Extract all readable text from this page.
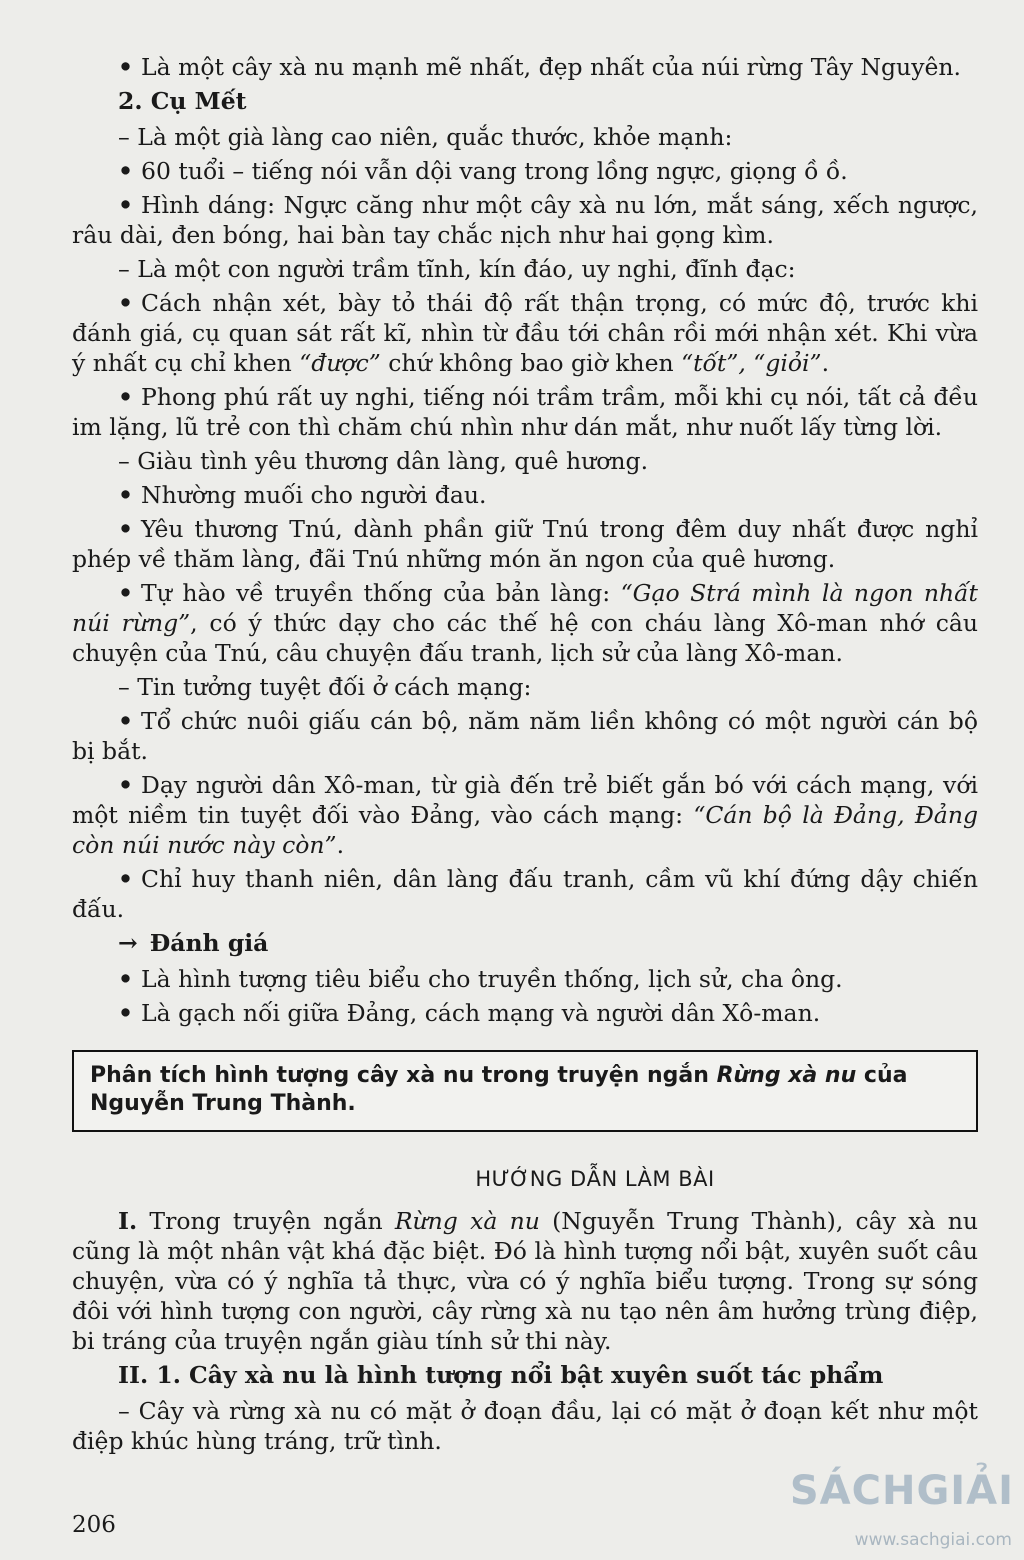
• Là một cây xà nu mạnh mẽ nhất, đẹp nhất của núi rừng Tây Nguyên.

2. Cụ Mết

– Là một già làng cao niên, quắc thước, khỏe mạnh:

• 60 tuổi – tiếng nói vẫn dội vang trong lồng ngực, giọng ồ ồ.

• Hình dáng: Ngực căng như một cây xà nu lớn, mắt sáng, xếch ngược, râu dài, đen bóng, hai bàn tay chắc nịch như hai gọng kìm.

– Là một con người trầm tĩnh, kín đáo, uy nghi, đĩnh đạc:

• Cách nhận xét, bày tỏ thái độ rất thận trọng, có mức độ, trước khi đánh giá, cụ quan sát rất kĩ, nhìn từ đầu tới chân rồi mới nhận xét. Khi vừa ý nhất cụ chỉ khen “được” chứ không bao giờ khen “tốt”, “giỏi”.

• Phong phú rất uy nghi, tiếng nói trầm trầm, mỗi khi cụ nói, tất cả đều im lặng, lũ trẻ con thì chăm chú nhìn như dán mắt, như nuốt lấy từng lời.

– Giàu tình yêu thương dân làng, quê hương.

• Nhường muối cho người đau.

• Yêu thương Tnú, dành phần giữ Tnú trong đêm duy nhất được nghỉ phép về thăm làng, đãi Tnú những món ăn ngon của quê hương.

• Tự hào về truyền thống của bản làng: “Gạo Strá mình là ngon nhất núi rừng”, có ý thức dạy cho các thế hệ con cháu làng Xô-man nhớ câu chuyện của Tnú, câu chuyện đấu tranh, lịch sử của làng Xô-man.

– Tin tưởng tuyệt đối ở cách mạng:

• Tổ chức nuôi giấu cán bộ, năm năm liền không có một người cán bộ bị bắt.

• Dạy người dân Xô-man, từ già đến trẻ biết gắn bó với cách mạng, với một niềm tin tuyệt đối vào Đảng, vào cách mạng: “Cán bộ là Đảng, Đảng còn núi nước này còn”.

• Chỉ huy thanh niên, dân làng đấu tranh, cầm vũ khí đứng dậy chiến đấu.

→ Đánh giá

• Là hình tượng tiêu biểu cho truyền thống, lịch sử, cha ông.

• Là gạch nối giữa Đảng, cách mạng và người dân Xô-man.

Phân tích hình tượng cây xà nu trong truyện ngắn Rừng xà nu của Nguyễn Trung Thành.

HƯỚNG DẪN LÀM BÀI

I. Trong truyện ngắn Rừng xà nu (Nguyễn Trung Thành), cây xà nu cũng là một nhân vật khá đặc biệt. Đó là hình tượng nổi bật, xuyên suốt câu chuyện, vừa có ý nghĩa tả thực, vừa có ý nghĩa biểu tượng. Trong sự sóng đôi với hình tượng con người, cây rừng xà nu tạo nên âm hưởng trùng điệp, bi tráng của truyện ngắn giàu tính sử thi này.

II. 1. Cây xà nu là hình tượng nổi bật xuyên suốt tác phẩm

– Cây và rừng xà nu có mặt ở đoạn đầu, lại có mặt ở đoạn kết như một điệp khúc hùng tráng, trữ tình.

206
SÁCHGIẢI
www.sachgiai.com
